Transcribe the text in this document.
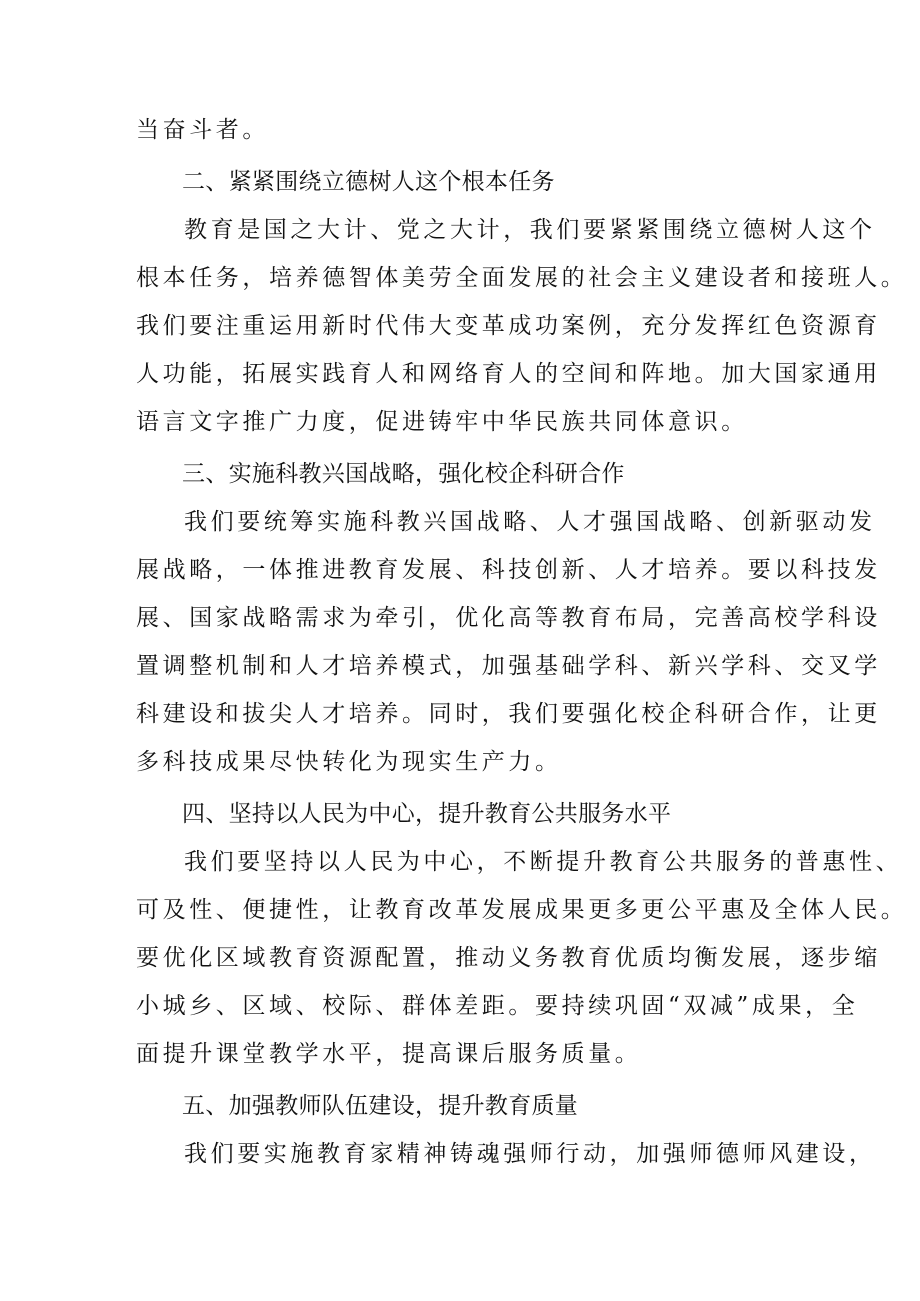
当奋斗者。
二、紧紧围绕立德树人这个根本任务
教育是国之大计、党之大计，我们要紧紧围绕立德树人这个
根本任务，培养德智体美劳全面发展的社会主义建设者和接班人。
我们要注重运用新时代伟大变革成功案例，充分发挥红色资源育
人功能，拓展实践育人和网络育人的空间和阵地。加大国家通用
语言文字推广力度，促进铸牢中华民族共同体意识。
三、实施科教兴国战略，强化校企科研合作
我们要统筹实施科教兴国战略、人才强国战略、创新驱动发
展战略，一体推进教育发展、科技创新、人才培养。要以科技发
展、国家战略需求为牵引，优化高等教育布局，完善高校学科设
置调整机制和人才培养模式，加强基础学科、新兴学科、交叉学
科建设和拔尖人才培养。同时，我们要强化校企科研合作，让更
多科技成果尽快转化为现实生产力。
四、坚持以人民为中心，提升教育公共服务水平
我们要坚持以人民为中心，不断提升教育公共服务的普惠性、
可及性、便捷性，让教育改革发展成果更多更公平惠及全体人民。
要优化区域教育资源配置，推动义务教育优质均衡发展，逐步缩
小城乡、区域、校际、群体差距。要持续巩固“双减”成果，全
面提升课堂教学水平，提高课后服务质量。
五、加强教师队伍建设，提升教育质量
我们要实施教育家精神铸魂强师行动，加强师德师风建设，
